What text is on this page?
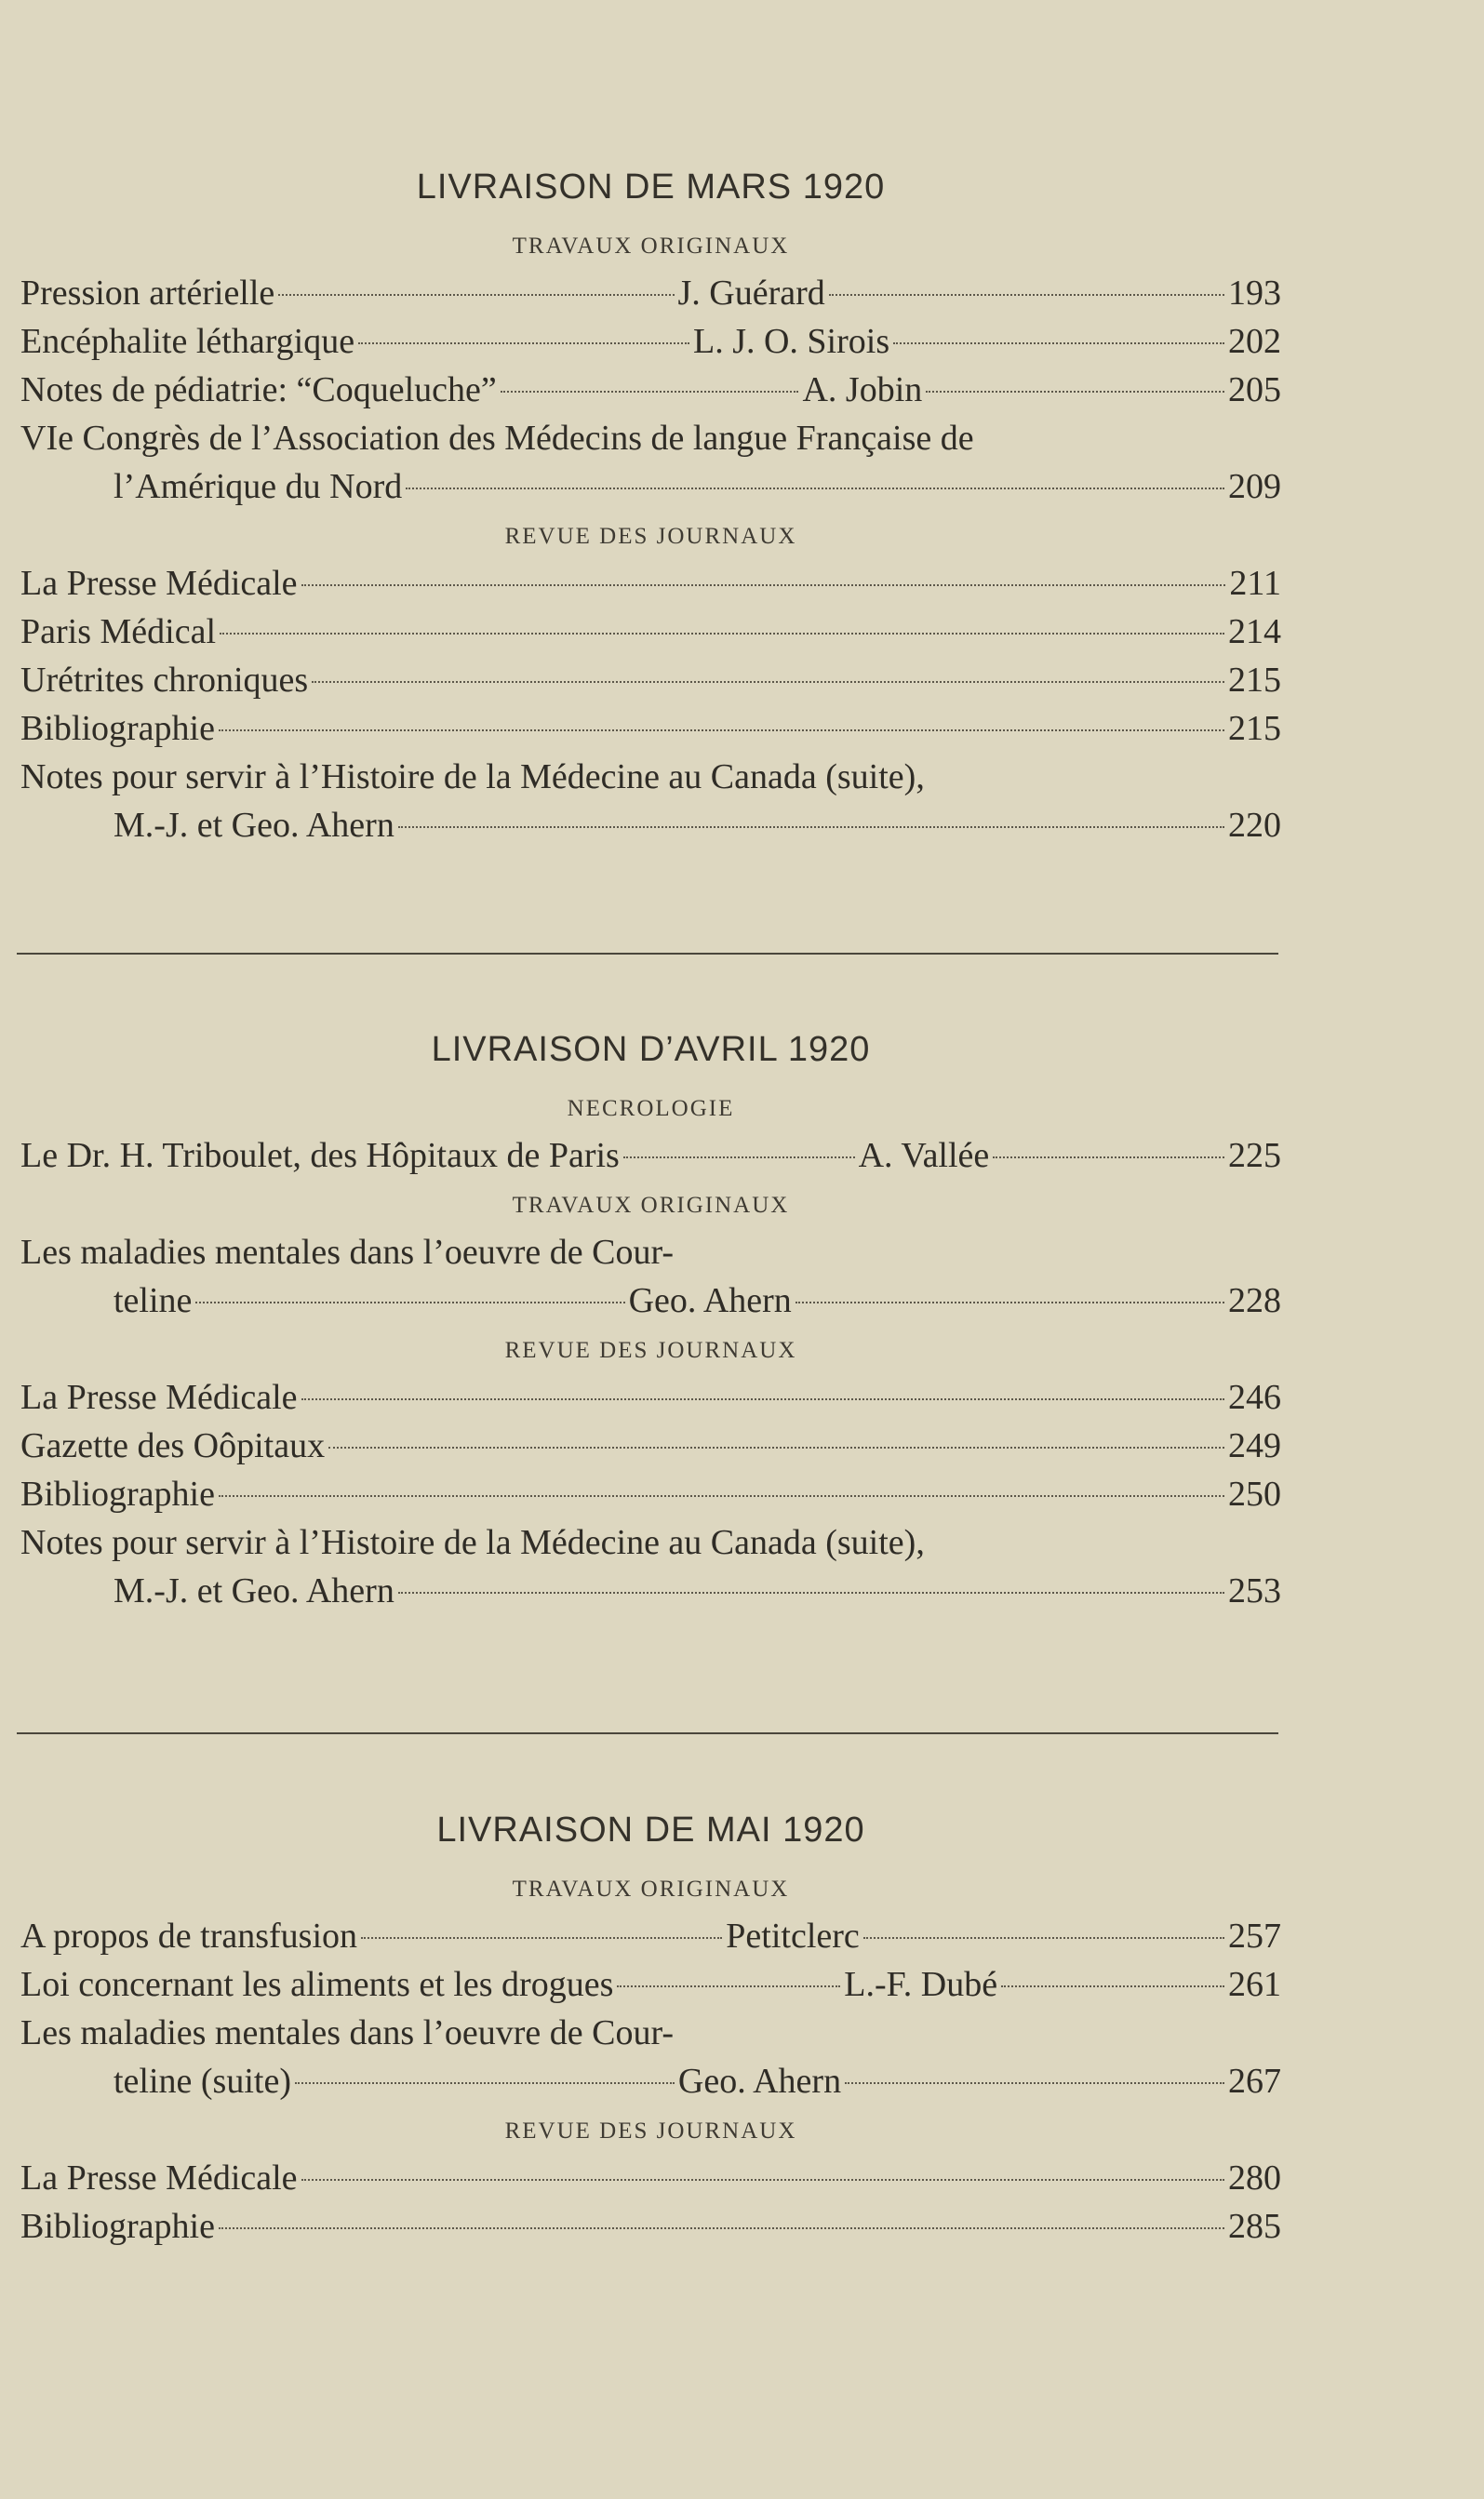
LIVRAISON DE MARS 1920
TRAVAUX ORIGINAUX
Pression artérielle	J. Guérard	193
Encéphalite léthargique	L. J. O. Sirois	202
Notes de pédiatrie: “Coqueluche”	A. Jobin	205
VIe Congrès de l’Association des Médecins de langue Française de
l’Amérique du Nord	209
REVUE DES JOURNAUX
La Presse Médicale	211
Paris Médical	214
Urétrites chroniques	215
Bibliographie	215
Notes pour servir à l’Histoire de la Médecine au Canada (suite),
M.-J. et Geo. Ahern	220
LIVRAISON D’AVRIL 1920
NECROLOGIE
Le Dr. H. Triboulet, des Hôpitaux de Paris	A. Vallée	225
TRAVAUX ORIGINAUX
Les maladies mentales dans l’oeuvre de Cour-
teline	Geo. Ahern	228
REVUE DES JOURNAUX
La Presse Médicale	246
Gazette des Oôpitaux	249
Bibliographie	250
Notes pour servir à l’Histoire de la Médecine au Canada (suite),
M.-J. et Geo. Ahern	253
LIVRAISON DE MAI 1920
TRAVAUX ORIGINAUX
A propos de transfusion	Petitclerc	257
Loi concernant les aliments et les drogues	L.-F. Dubé	261
Les maladies mentales dans l’oeuvre de Cour-
teline (suite)	Geo. Ahern	267
REVUE DES JOURNAUX
La Presse Médicale	280
Bibliographie	285
